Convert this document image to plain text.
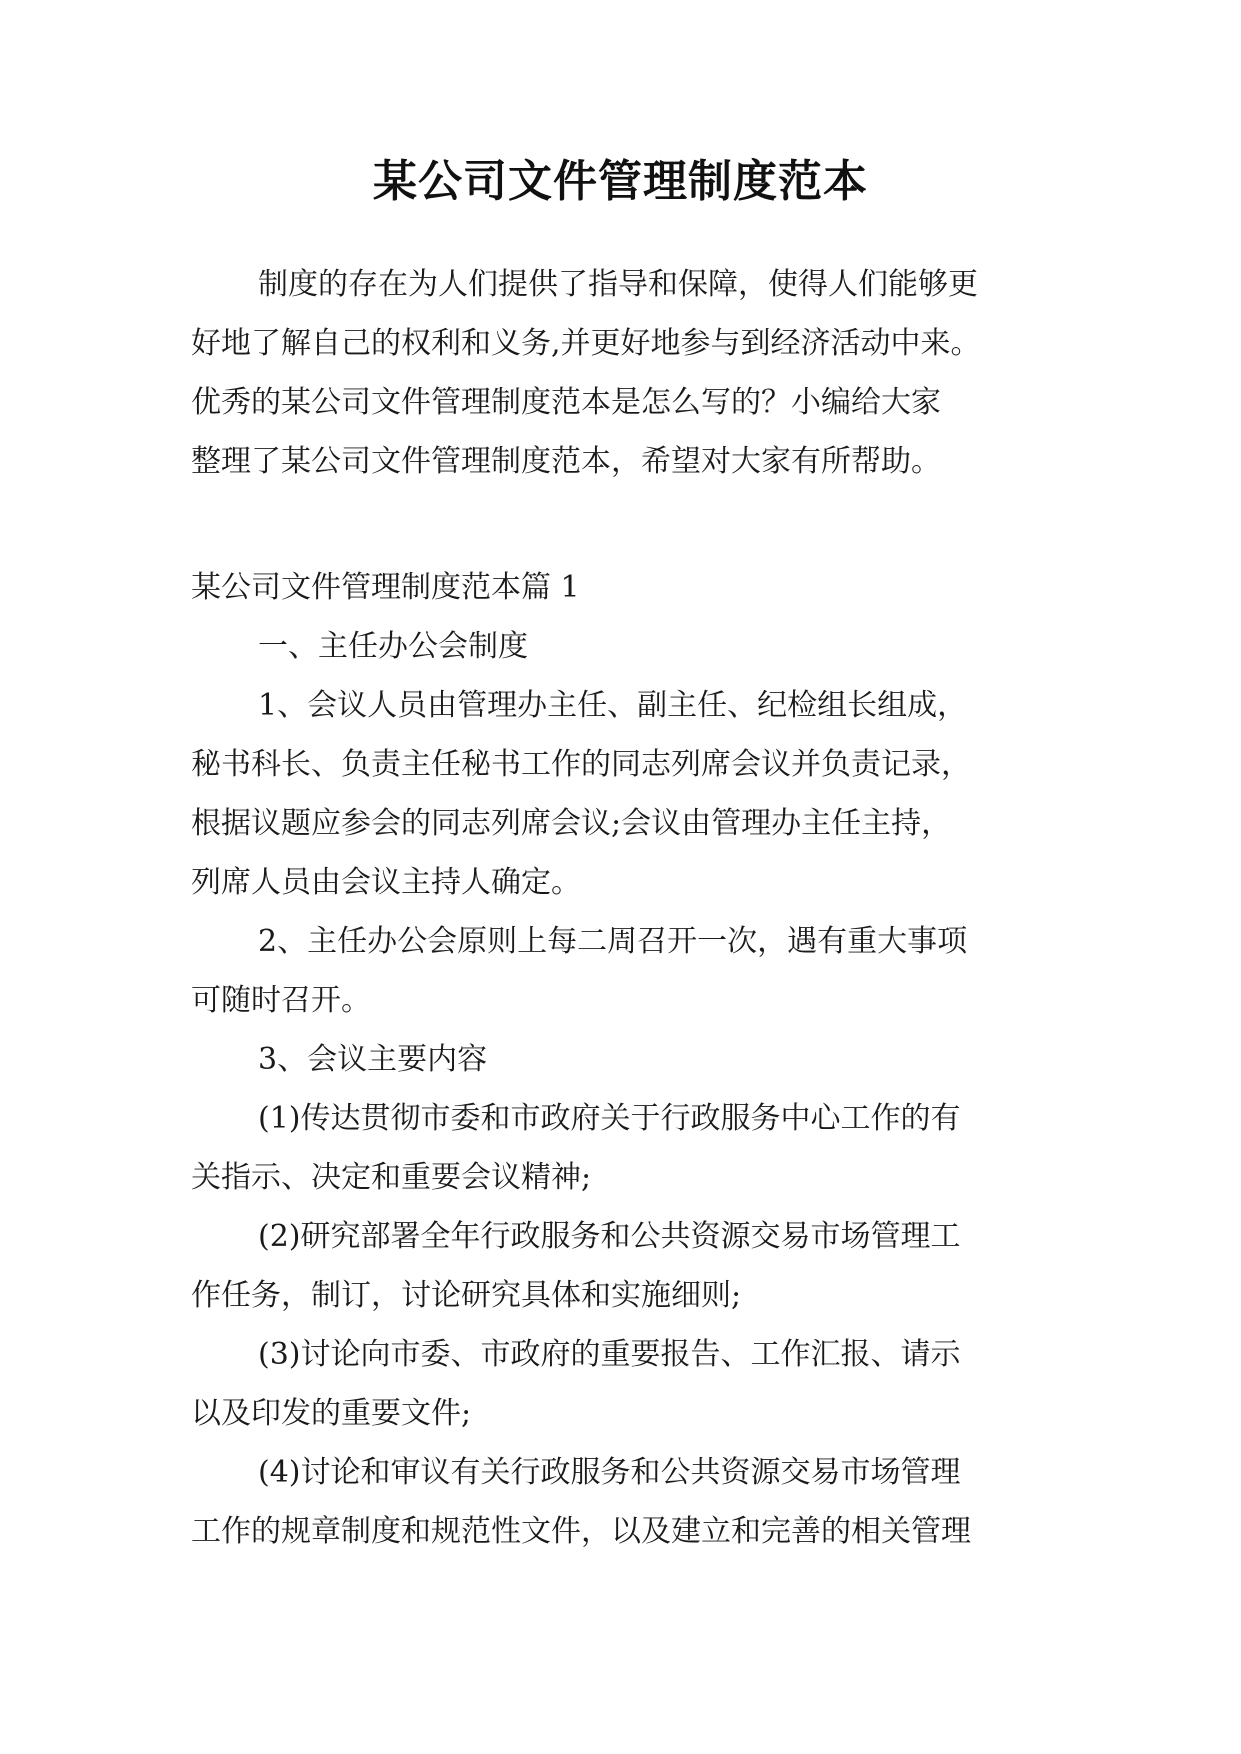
某公司文件管理制度范本

制度的存在为人们提供了指导和保障，使得人们能够更

好地了解自己的权利和义务,并更好地参与到经济活动中来。

优秀的某公司文件管理制度范本是怎么写的？小编给大家

整理了某公司文件管理制度范本，希望对大家有所帮助。

某公司文件管理制度范本篇 1

一、主任办公会制度

1、会议人员由管理办主任、副主任、纪检组长组成，

秘书科长、负责主任秘书工作的同志列席会议并负责记录，

根据议题应参会的同志列席会议;会议由管理办主任主持，

列席人员由会议主持人确定。

2、主任办公会原则上每二周召开一次，遇有重大事项

可随时召开。

3、会议主要内容

(1)传达贯彻市委和市政府关于行政服务中心工作的有

关指示、决定和重要会议精神;

(2)研究部署全年行政服务和公共资源交易市场管理工

作任务，制订，讨论研究具体和实施细则;

(3)讨论向市委、市政府的重要报告、工作汇报、请示

以及印发的重要文件;

(4)讨论和审议有关行政服务和公共资源交易市场管理

工作的规章制度和规范性文件，以及建立和完善的相关管理
